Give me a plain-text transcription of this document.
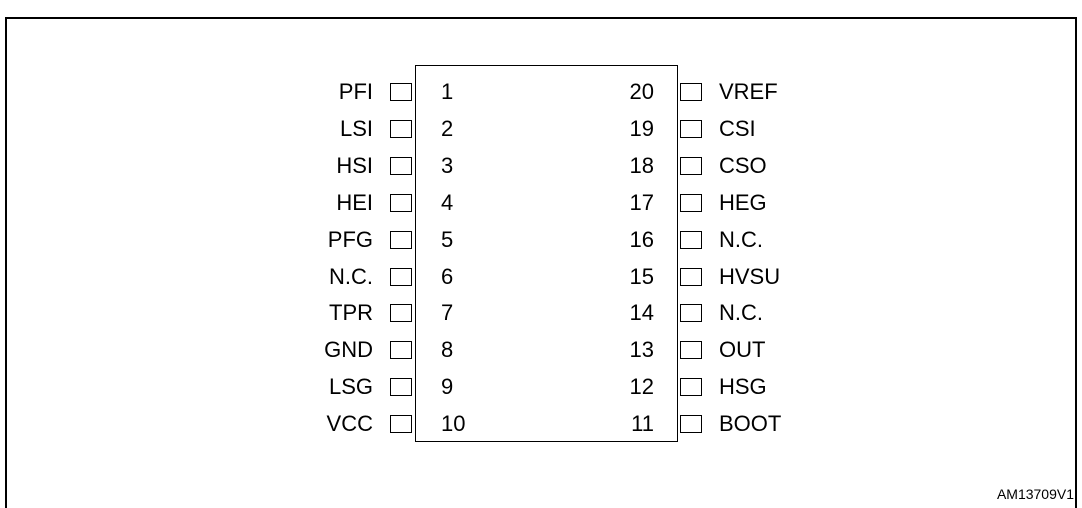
PFI	1
LSI	2
HSI	3
HEI	4
PFG	5
N.C.	6
TPR	7
GND	8
LSG	9
VCC	10
20	VREF
19	CSI
18	CSO
17	HEG
16	N.C.
15	HVSU
14	N.C.
13	OUT
12	HSG
11	BOOT
AM13709V1
